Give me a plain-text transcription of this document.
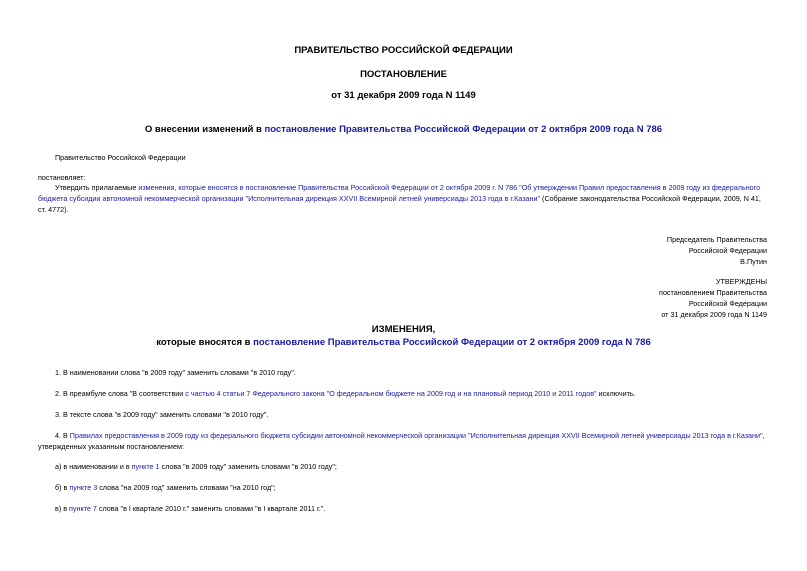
ПРАВИТЕЛЬСТВО РОССИЙСКОЙ ФЕДЕРАЦИИ
ПОСТАНОВЛЕНИЕ
от 31 декабря 2009 года N 1149
О внесении изменений в постановление Правительства Российской Федерации от 2 октября 2009 года N 786
Правительство Российской Федерации
постановляет:
Утвердить прилагаемые изменения, которые вносятся в постановление Правительства Российской Федерации от 2 октября 2009 г. N 786 "Об утверждении Правил предоставления в 2009 году из федерального бюджета субсидии автономной некоммерческой организации "Исполнительная дирекция XXVII Всемирной летней универсиады 2013 года в г.Казани" (Собрание законодательства Российской Федерации, 2009, N 41, ст. 4772).
Председатель Правительства
Российской Федерации
В.Путин
УТВЕРЖДЕНЫ
постановлением Правительства
Российской Федерации
от 31 декабря 2009 года N 1149
ИЗМЕНЕНИЯ,
которые вносятся в постановление Правительства Российской Федерации от 2 октября 2009 года N 786
1. В наименовании слова "в 2009 году" заменить словами "в 2010 году".
2. В преамбуле слова "В соответствии с частью 4 статьи 7 Федерального закона "О федеральном бюджете на 2009 год и на плановый период 2010 и 2011 годов" исключить.
3. В тексте слова "в 2009 году" заменить словами "в 2010 году".
4. В Правилах предоставления в 2009 году из федерального бюджета субсидии автономной некоммерческой организации "Исполнительная дирекция XXVII Всемирной летней универсиады 2013 года в г.Казани", утвержденных указанным постановлением:
а) в наименовании и в пункте 1 слова "в 2009 году" заменить словами "в 2010 году";
б) в пункте 3 слова "на 2009 год" заменить словами "на 2010 год";
в) в пункте 7 слова "в I квартале 2010 г." заменить словами "в I квартале 2011 г.".
